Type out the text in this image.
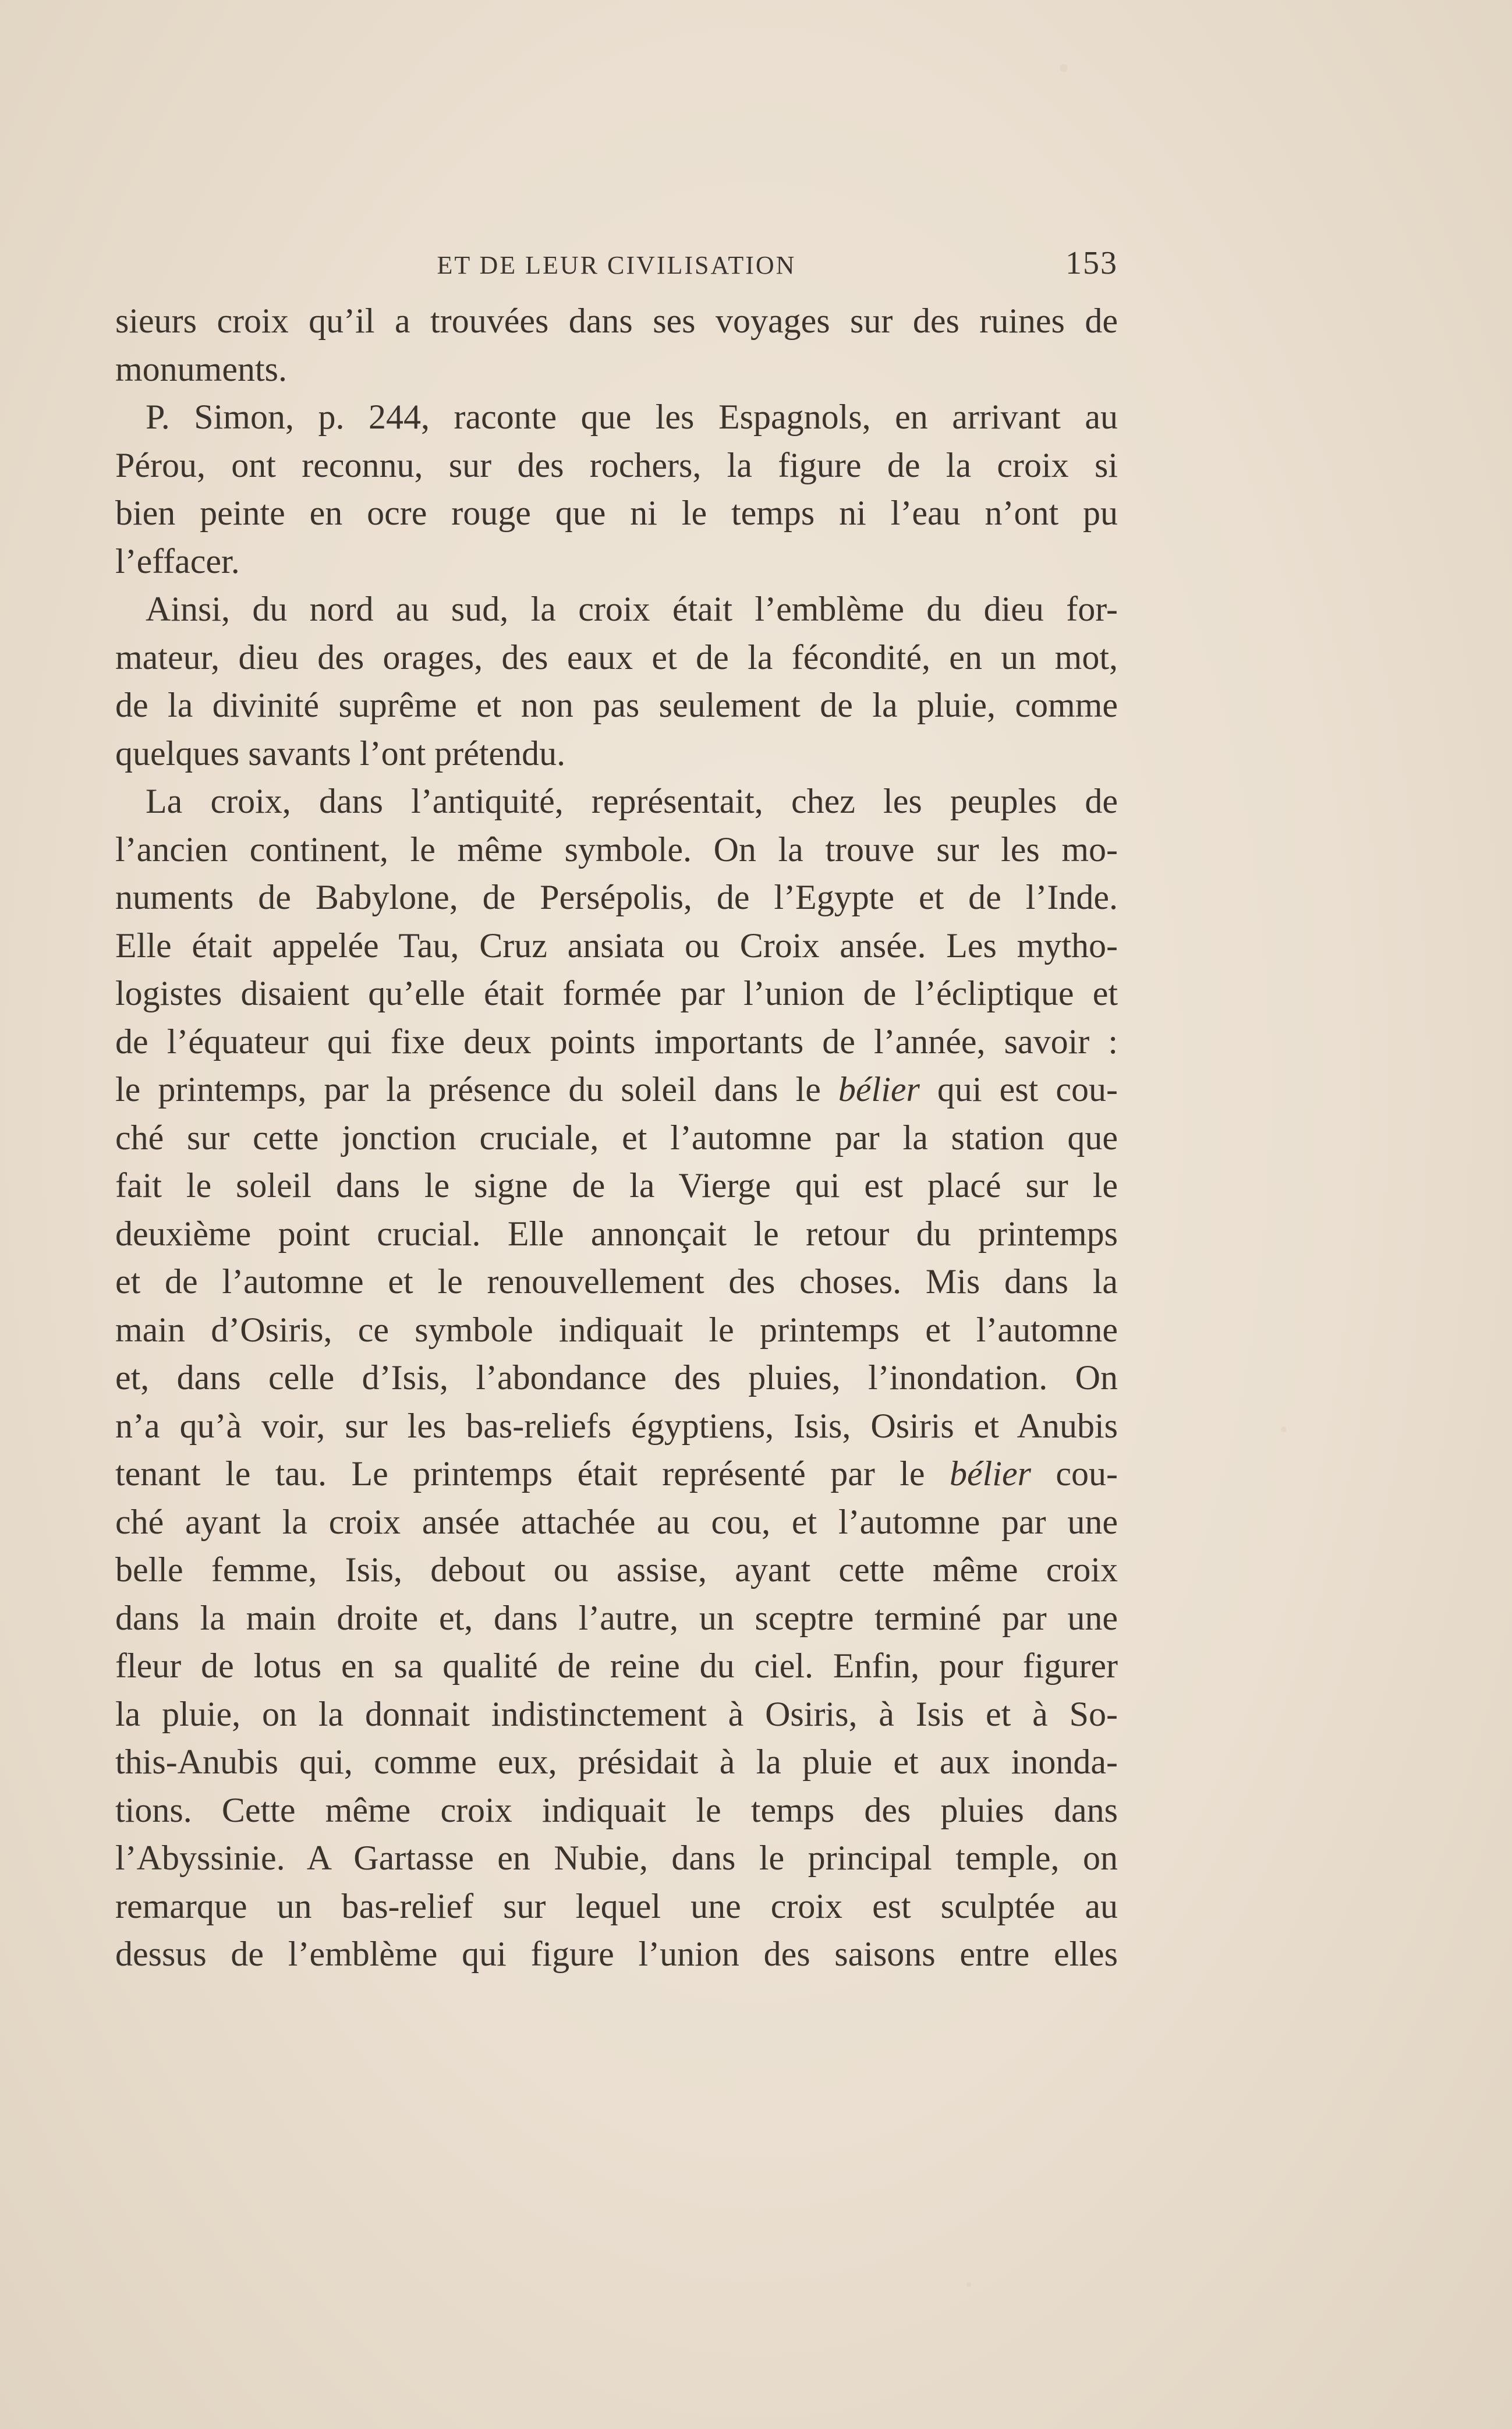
ET DE LEUR CIVILISATION	153
sieurs croix qu’il a trouvées dans ses voyages sur des ruines de
monuments.
P. Simon, p. 244, raconte que les Espagnols, en arrivant au
Pérou, ont reconnu, sur des rochers, la figure de la croix si
bien peinte en ocre rouge que ni le temps ni l’eau n’ont pu
l’effacer.
Ainsi, du nord au sud, la croix était l’emblème du dieu for-
mateur, dieu des orages, des eaux et de la fécondité, en un mot,
de la divinité suprême et non pas seulement de la pluie, comme
quelques savants l’ont prétendu.
La croix, dans l’antiquité, représentait, chez les peuples de
l’ancien continent, le même symbole. On la trouve sur les mo-
numents de Babylone, de Persépolis, de l’Egypte et de l’Inde.
Elle était appelée Tau, Cruz ansiata ou Croix ansée. Les mytho-
logistes disaient qu’elle était formée par l’union de l’écliptique et
de l’équateur qui fixe deux points importants de l’année, savoir :
le printemps, par la présence du soleil dans le bélier qui est cou-
ché sur cette jonction cruciale, et l’automne par la station que
fait le soleil dans le signe de la Vierge qui est placé sur le
deuxième point crucial. Elle annonçait le retour du printemps
et de l’automne et le renouvellement des choses. Mis dans la
main d’Osiris, ce symbole indiquait le printemps et l’automne
et, dans celle d’Isis, l’abondance des pluies, l’inondation. On
n’a qu’à voir, sur les bas-reliefs égyptiens, Isis, Osiris et Anubis
tenant le tau. Le printemps était représenté par le bélier cou-
ché ayant la croix ansée attachée au cou, et l’automne par une
belle femme, Isis, debout ou assise, ayant cette même croix
dans la main droite et, dans l’autre, un sceptre terminé par une
fleur de lotus en sa qualité de reine du ciel. Enfin, pour figurer
la pluie, on la donnait indistinctement à Osiris, à Isis et à So-
this-Anubis qui, comme eux, présidait à la pluie et aux inonda-
tions. Cette même croix indiquait le temps des pluies dans
l’Abyssinie. A Gartasse en Nubie, dans le principal temple, on
remarque un bas-relief sur lequel une croix est sculptée au
dessus de l’emblème qui figure l’union des saisons entre elles
